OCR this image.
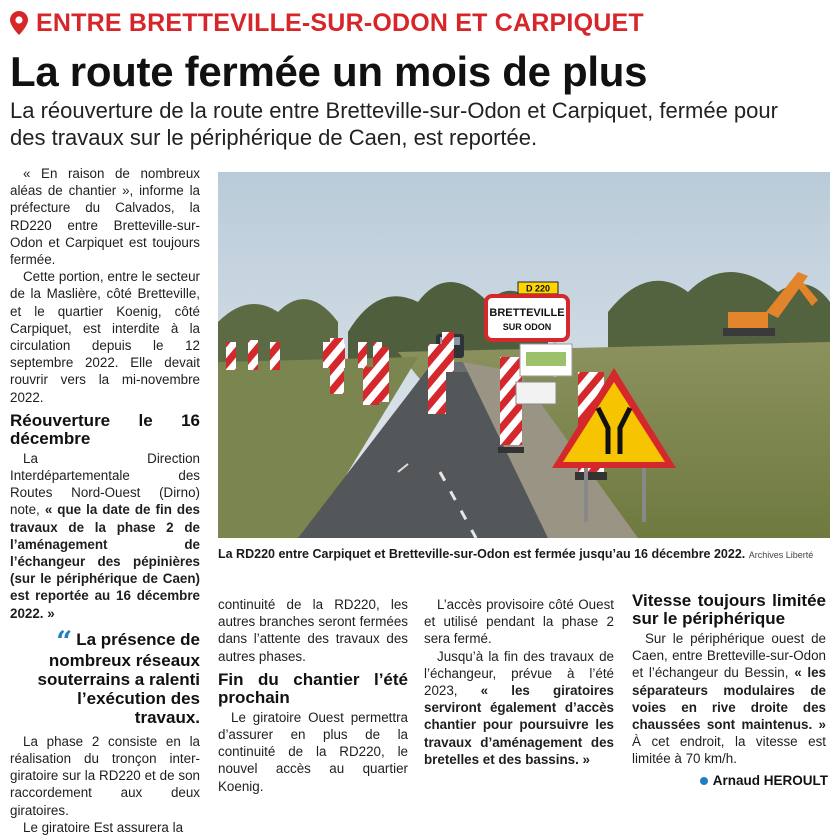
ENTRE BRETTEVILLE-SUR-ODON ET CARPIQUET
La route fermée un mois de plus

La réouverture de la route entre Bretteville-sur-Odon et Carpiquet, fermée pour des travaux sur le périphérique de Caen, est reportée.

« En raison de nombreux aléas de chantier », informe la préfecture du Calvados, la RD220 entre Bretteville-sur-Odon et Carpiquet est toujours fermée.

Cette portion, entre le secteur de la Maslière, côté Bretteville, et le quartier Koenig, côté Carpiquet, est interdite à la circulation depuis le 12 septembre 2022. Elle devait rouvrir vers la mi-novembre 2022.

Réouverture le 16 décembre

La Direction Interdépartementale des Routes Nord-Ouest (Dirno) note, « que la date de fin des travaux de la phase 2 de l’aménagement de l’échangeur des pépinières (sur le périphérique de Caen) est reportée au 16 décembre 2022. »

“ La présence de nombreux réseaux souterrains a ralenti l’exécution des travaux.

La phase 2 consiste en la réalisation du tronçon inter-giratoire sur la RD220 et de son raccordement aux deux giratoires.

Le giratoire Est assurera la

D 220
BRETTEVILLE
SUR ODON
La RD220 entre Carpiquet et Bretteville-sur-Odon est fermée jusqu’au 16 décembre 2022. Archives Liberté

continuité de la RD220, les autres branches seront fermées dans l’attente des travaux des autres phases.

Fin du chantier l’été prochain

Le giratoire Ouest permettra d’assurer en plus de la continuité de la RD220, le nouvel accès au quartier Koenig.

L’accès provisoire côté Ouest et utilisé pendant la phase 2 sera fermé.

Jusqu’à la fin des travaux de l’échangeur, prévue à l’été 2023, « les giratoires serviront également d’accès chantier pour poursuivre les travaux d’aménagement des bretelles et des bassins. »

Vitesse toujours limitée sur le périphérique

Sur le périphérique ouest de Caen, entre Bretteville-sur-Odon et l’échangeur du Bessin, « les séparateurs modulaires de voies en rive droite des chaussées sont maintenus. » À cet endroit, la vitesse est limitée à 70 km/h.

Arnaud HEROULT
